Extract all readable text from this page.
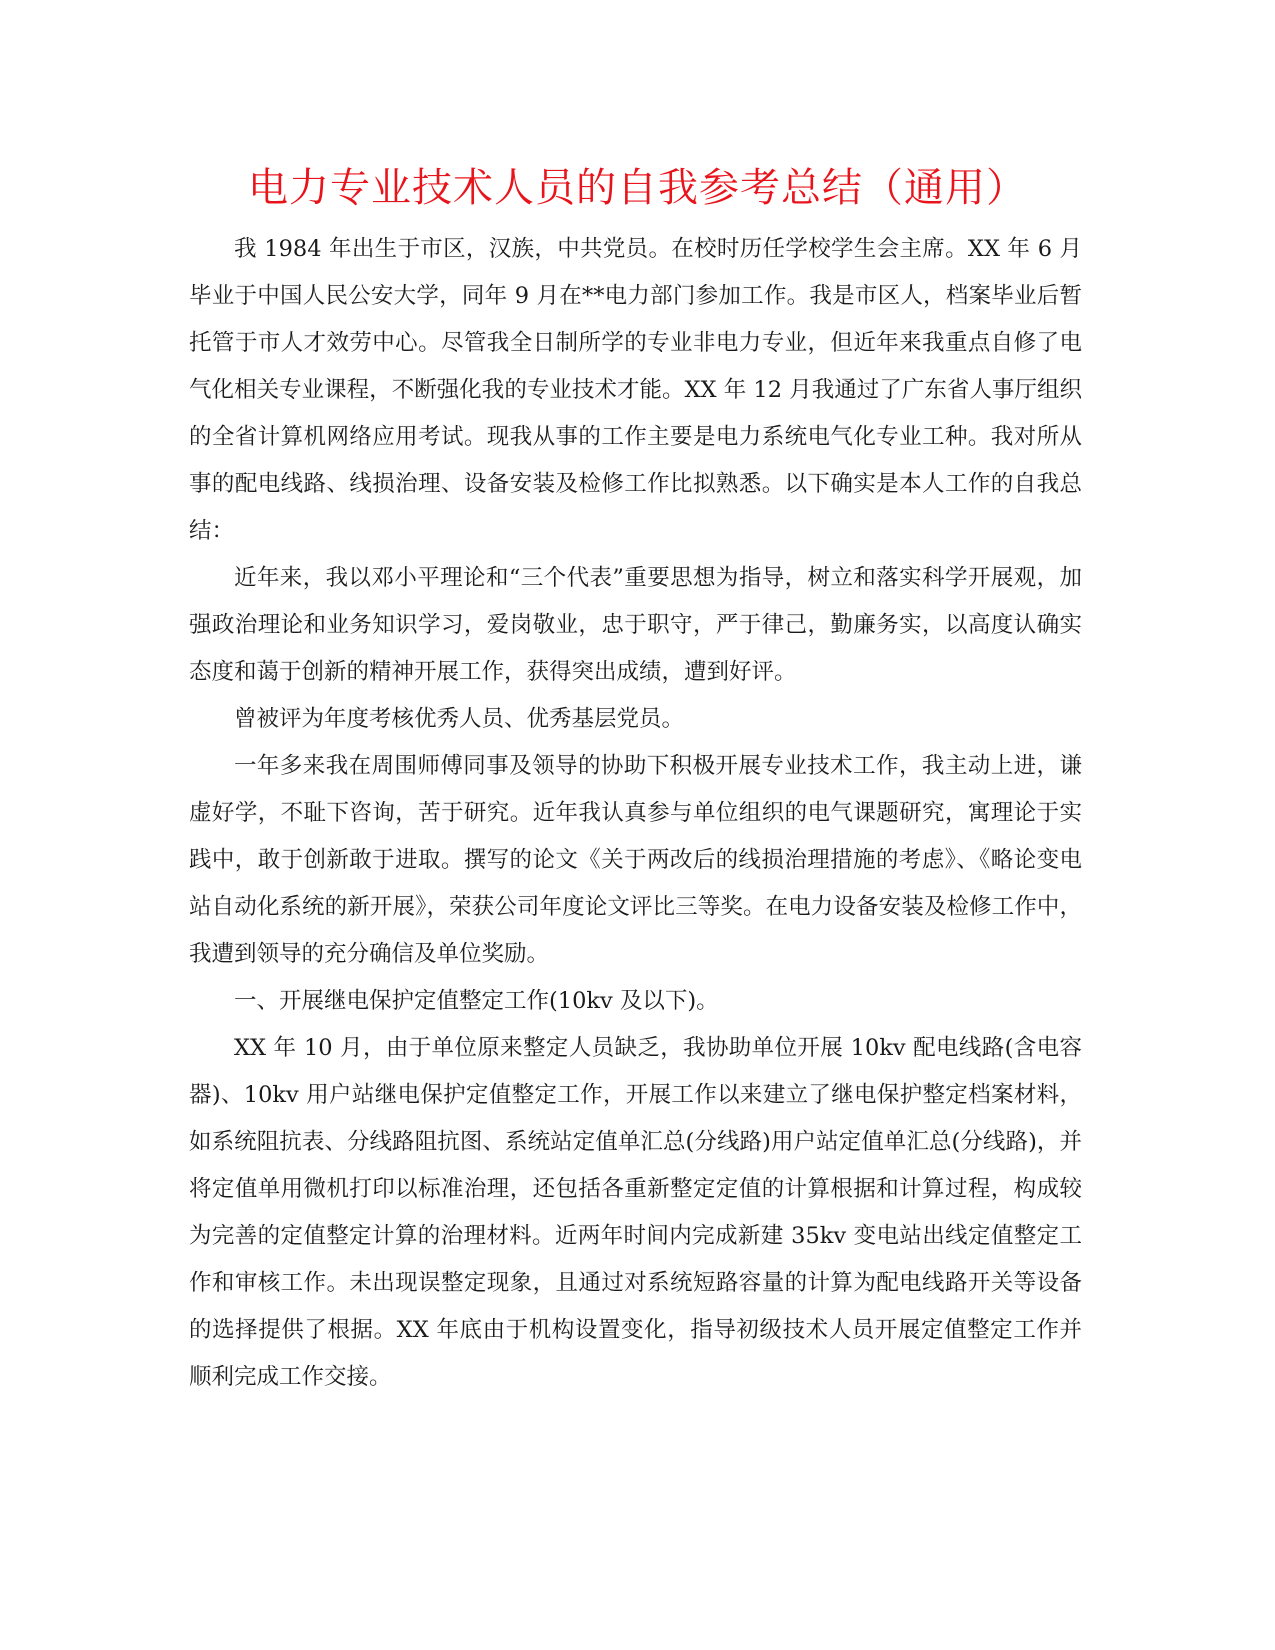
电力专业技术人员的自我参考总结（通用）

我 1984 年出生于市区，汉族，中共党员。在校时历任学校学生会主席。XX 年 6 月毕业于中国人民公安大学，同年 9 月在**电力部门参加工作。我是市区人，档案毕业后暂托管于市人才效劳中心。尽管我全日制所学的专业非电力专业，但近年来我重点自修了电气化相关专业课程，不断强化我的专业技术才能。XX 年 12 月我通过了广东省人事厅组织的全省计算机网络应用考试。现我从事的工作主要是电力系统电气化专业工种。我对所从事的配电线路、线损治理、设备安装及检修工作比拟熟悉。以下确实是本人工作的自我总结：

近年来，我以邓小平理论和“三个代表”重要思想为指导，树立和落实科学开展观，加强政治理论和业务知识学习，爱岗敬业，忠于职守，严于律己，勤廉务实，以高度认确实态度和蔼于创新的精神开展工作，获得突出成绩，遭到好评。

曾被评为年度考核优秀人员、优秀基层党员。

一年多来我在周围师傅同事及领导的协助下积极开展专业技术工作，我主动上进，谦虚好学，不耻下咨询，苦于研究。近年我认真参与单位组织的电气课题研究，寓理论于实践中，敢于创新敢于进取。撰写的论文《关于两改后的线损治理措施的考虑》、《略论变电站自动化系统的新开展》，荣获公司年度论文评比三等奖。在电力设备安装及检修工作中，我遭到领导的充分确信及单位奖励。

一、开展继电保护定值整定工作(10kv 及以下)。

XX 年 10 月，由于单位原来整定人员缺乏，我协助单位开展 10kv 配电线路(含电容器)、10kv 用户站继电保护定值整定工作，开展工作以来建立了继电保护整定档案材料，如系统阻抗表、分线路阻抗图、系统站定值单汇总(分线路)用户站定值单汇总(分线路)，并将定值单用微机打印以标准治理，还包括各重新整定定值的计算根据和计算过程，构成较为完善的定值整定计算的治理材料。近两年时间内完成新建 35kv 变电站出线定值整定工作和审核工作。未出现误整定现象，且通过对系统短路容量的计算为配电线路开关等设备的选择提供了根据。XX 年底由于机构设置变化，指导初级技术人员开展定值整定工作并顺利完成工作交接。
